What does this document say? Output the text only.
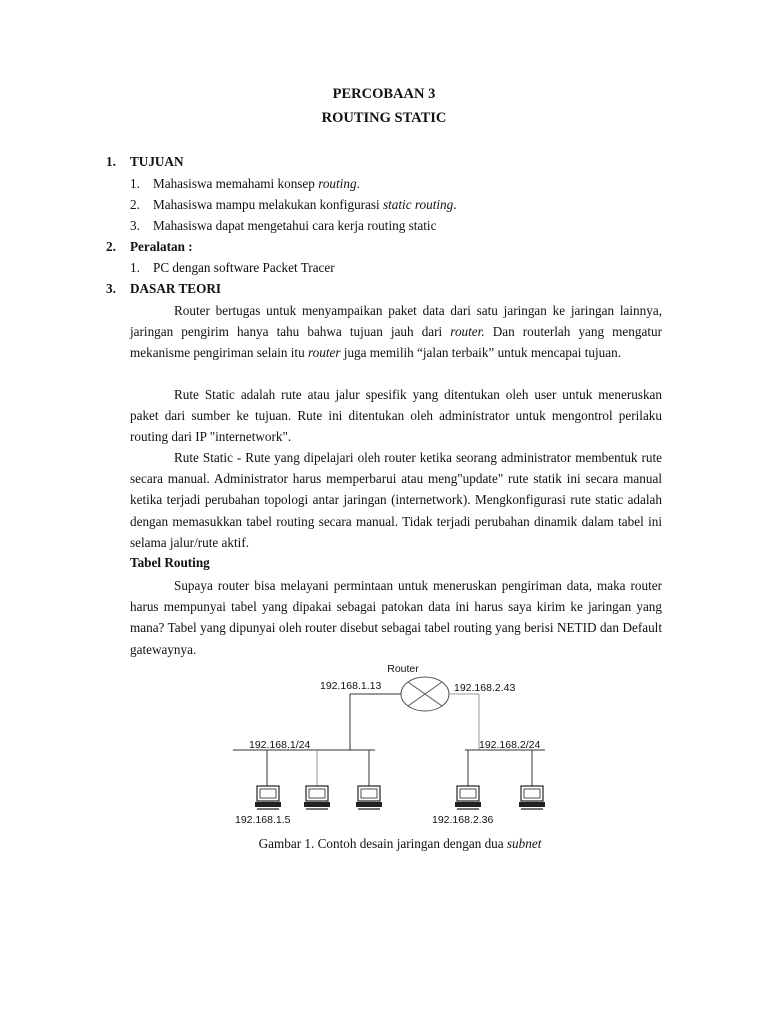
PERCOBAAN 3
ROUTING STATIC
1. TUJUAN
1. Mahasiswa memahami konsep routing.
2. Mahasiswa mampu melakukan konfigurasi static routing.
3. Mahasiswa dapat mengetahui cara kerja routing static
2. Peralatan :
1. PC dengan software Packet Tracer
3. DASAR TEORI

Router bertugas untuk menyampaikan paket data dari satu jaringan ke jaringan lainnya, jaringan pengirim hanya tahu bahwa tujuan jauh dari router. Dan routerlah yang mengatur mekanisme pengiriman selain itu router juga memilih “jalan terbaik” untuk mencapai tujuan.

Rute Static adalah rute atau jalur spesifik yang ditentukan oleh user untuk meneruskan paket dari sumber ke tujuan. Rute ini ditentukan oleh administrator untuk mengontrol perilaku routing dari IP "internetwork".

Rute Static - Rute yang dipelajari oleh router ketika seorang administrator membentuk rute secara manual. Administrator harus memperbarui atau meng"update" rute statik ini secara manual ketika terjadi perubahan topologi antar jaringan (internetwork). Mengkonfigurasi rute static adalah dengan memasukkan tabel routing secara manual. Tidak terjadi perubahan dinamik dalam tabel ini selama jalur/rute aktif.

Tabel Routing

Supaya router bisa melayani permintaan untuk meneruskan pengiriman data, maka router harus mempunyai tabel yang dipakai sebagai patokan data ini harus saya kirim ke jaringan yang mana? Tabel yang dipunyai oleh router disebut sebagai tabel routing yang berisi NETID dan Default gatewaynya.

Router
192.168.1.13	192.168.2.43
192.168.1/24	192.168.2/24
192.168.1.5	192.168.2.36
Gambar 1. Contoh desain jaringan dengan dua subnet
